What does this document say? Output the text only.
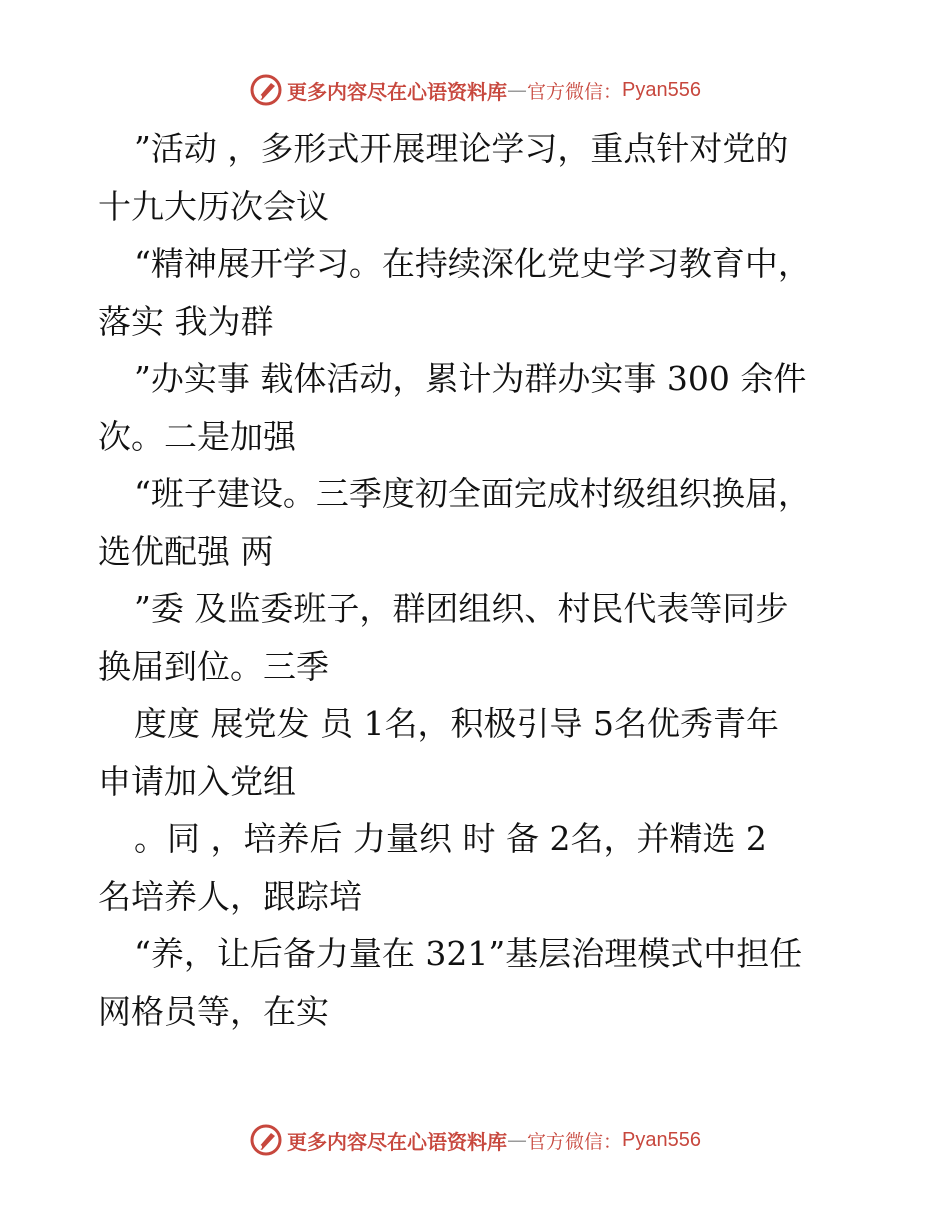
更多内容尽在心语资料库 — 官方微信： Pyan556

”活动 ，多形式开展理论学习，重点针对党的

十九大历次会议

“精神展开学习。在持续深化党史学习教育中，

落实 我为群

”办实事 载体活动，累计为群办实事 300 余件

次。二是加强

“班子建设。三季度初全面完成村级组织换届，

选优配强 两

”委 及监委班子，群团组织、村民代表等同步

换届到位。三季

度度 展党发 员 1名，积极引导 5名优秀青年

申请加入党组

。同 ，培养后 力量织 时 备 2名，并精选 2

名培养人，跟踪培

“养，让后备力量在 321”基层治理模式中担任

网格员等，在实

更多内容尽在心语资料库 — 官方微信： Pyan556
